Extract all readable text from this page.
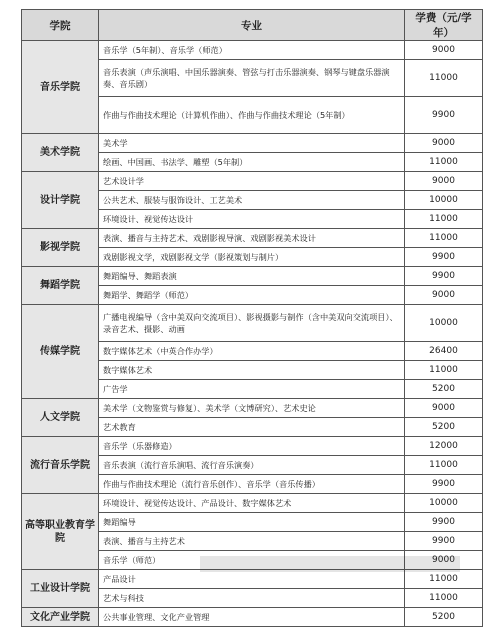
学院	专业	学费（元/学年）
音乐学院	音乐学（5年制）、音乐学（师范）	9000
	音乐表演（声乐演唱、中国乐器演奏、管弦与打击乐器演奏、钢琴与键盘乐器演奏、音乐剧）	11000
	作曲与作曲技术理论（计算机作曲）、作曲与作曲技术理论（5年制）	9900
美术学院	美术学	9000
	绘画、中国画、书法学、雕塑（5年制）	11000
设计学院	艺术设计学	9000
	公共艺术、服装与服饰设计、工艺美术	10000
	环境设计、视觉传达设计	11000
影视学院	表演、播音与主持艺术、戏剧影视导演、戏剧影视美术设计	11000
	戏剧影视文学，戏剧影视文学（影视策划与制片）	9900
舞蹈学院	舞蹈编导、舞蹈表演	9900
	舞蹈学、舞蹈学（师范）	9000
传媒学院	广播电视编导（含中美双向交流项目）、影视摄影与制作（含中美双向交流项目）、录音艺术、摄影、动画	10000
	数字媒体艺术（中英合作办学）	26400
	数字媒体艺术	11000
	广告学	5200
人文学院	美术学（文物鉴赏与修复）、美术学（文博研究）、艺术史论	9000
	艺术教育	5200
流行音乐学院	音乐学（乐器修造）	12000
	音乐表演（流行音乐演唱、流行音乐演奏）	11000
	作曲与作曲技术理论（流行音乐创作）、音乐学（音乐传播）	9900
高等职业教育学院	环境设计、视觉传达设计、产品设计、数字媒体艺术	10000
	舞蹈编导	9900
	表演、播音与主持艺术	9900
	音乐学（师范）	9000
工业设计学院	产品设计	11000
	艺术与科技	11000
文化产业学院	公共事业管理、文化产业管理	5200
